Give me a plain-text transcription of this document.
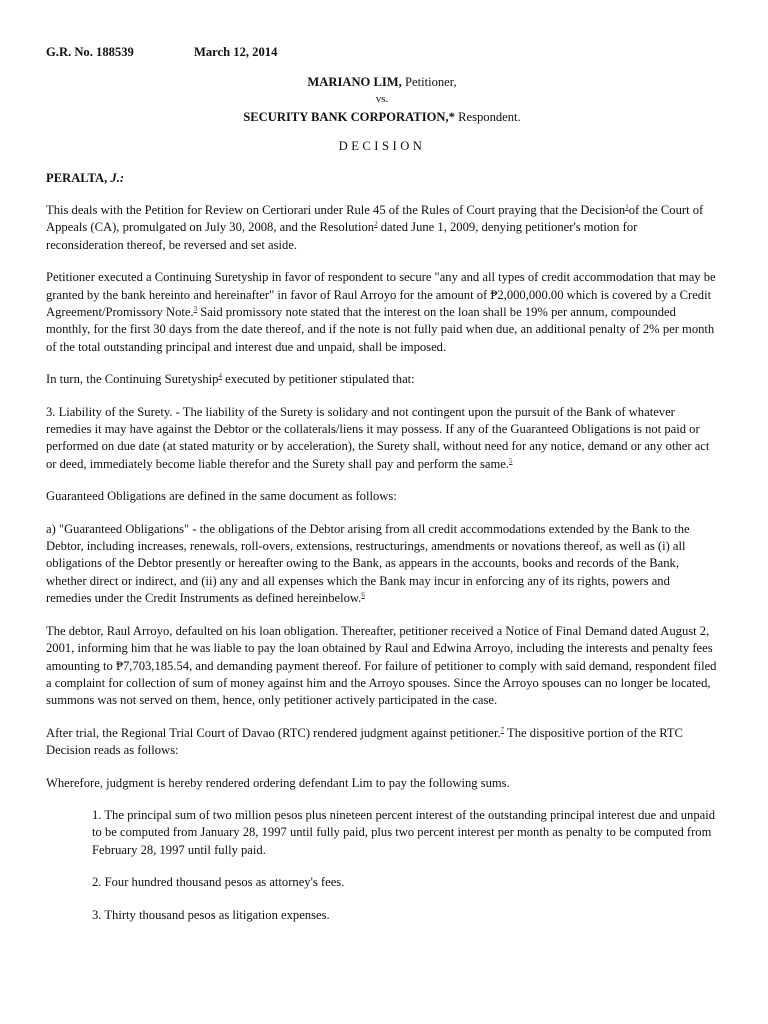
G.R. No. 188539	March 12, 2014
MARIANO LIM, Petitioner,
vs.
SECURITY BANK CORPORATION,* Respondent.
DECISION
PERALTA, J.:

This deals with the Petition for Review on Certiorari under Rule 45 of the Rules of Court praying that the Decision$^1$of the Court of Appeals (CA), promulgated on July 30, 2008, and the Resolution$^2$ dated June 1, 2009, denying petitioner's motion for reconsideration thereof, be reversed and set aside.

Petitioner executed a Continuing Suretyship in favor of respondent to secure "any and all types of credit accommodation that may be granted by the bank hereinto and hereinafter" in favor of Raul Arroyo for the amount of ₱2,000,000.00 which is covered by a Credit Agreement/Promissory Note.$^3$ Said promissory note stated that the interest on the loan shall be 19% per annum, compounded monthly, for the first 30 days from the date thereof, and if the note is not fully paid when due, an additional penalty of 2% per month of the total outstanding principal and interest due and unpaid, shall be imposed.

In turn, the Continuing Suretyship$^4$ executed by petitioner stipulated that:

3. Liability of the Surety. - The liability of the Surety is solidary and not contingent upon the pursuit of the Bank of whatever remedies it may have against the Debtor or the collaterals/liens it may possess. If any of the Guaranteed Obligations is not paid or performed on due date (at stated maturity or by acceleration), the Surety shall, without need for any notice, demand or any other act or deed, immediately become liable therefor and the Surety shall pay and perform the same.$^5$

Guaranteed Obligations are defined in the same document as follows:

a) "Guaranteed Obligations" - the obligations of the Debtor arising from all credit accommodations extended by the Bank to the Debtor, including increases, renewals, roll-overs, extensions, restructurings, amendments or novations thereof, as well as (i) all obligations of the Debtor presently or hereafter owing to the Bank, as appears in the accounts, books and records of the Bank, whether direct or indirect, and (ii) any and all expenses which the Bank may incur in enforcing any of its rights, powers and remedies under the Credit Instruments as defined hereinbelow.$^6$

The debtor, Raul Arroyo, defaulted on his loan obligation. Thereafter, petitioner received a Notice of Final Demand dated August 2, 2001, informing him that he was liable to pay the loan obtained by Raul and Edwina Arroyo, including the interests and penalty fees amounting to ₱7,703,185.54, and demanding payment thereof. For failure of petitioner to comply with said demand, respondent filed a complaint for collection of sum of money against him and the Arroyo spouses. Since the Arroyo spouses can no longer be located, summons was not served on them, hence, only petitioner actively participated in the case.

After trial, the Regional Trial Court of Davao (RTC) rendered judgment against petitioner.$^7$ The dispositive portion of the RTC Decision reads as follows:

Wherefore, judgment is hereby rendered ordering defendant Lim to pay the following sums.

1. The principal sum of two million pesos plus nineteen percent interest of the outstanding principal interest due and unpaid to be computed from January 28, 1997 until fully paid, plus two percent interest per month as penalty to be computed from February 28, 1997 until fully paid.

2. Four hundred thousand pesos as attorney's fees.

3. Thirty thousand pesos as litigation expenses.
